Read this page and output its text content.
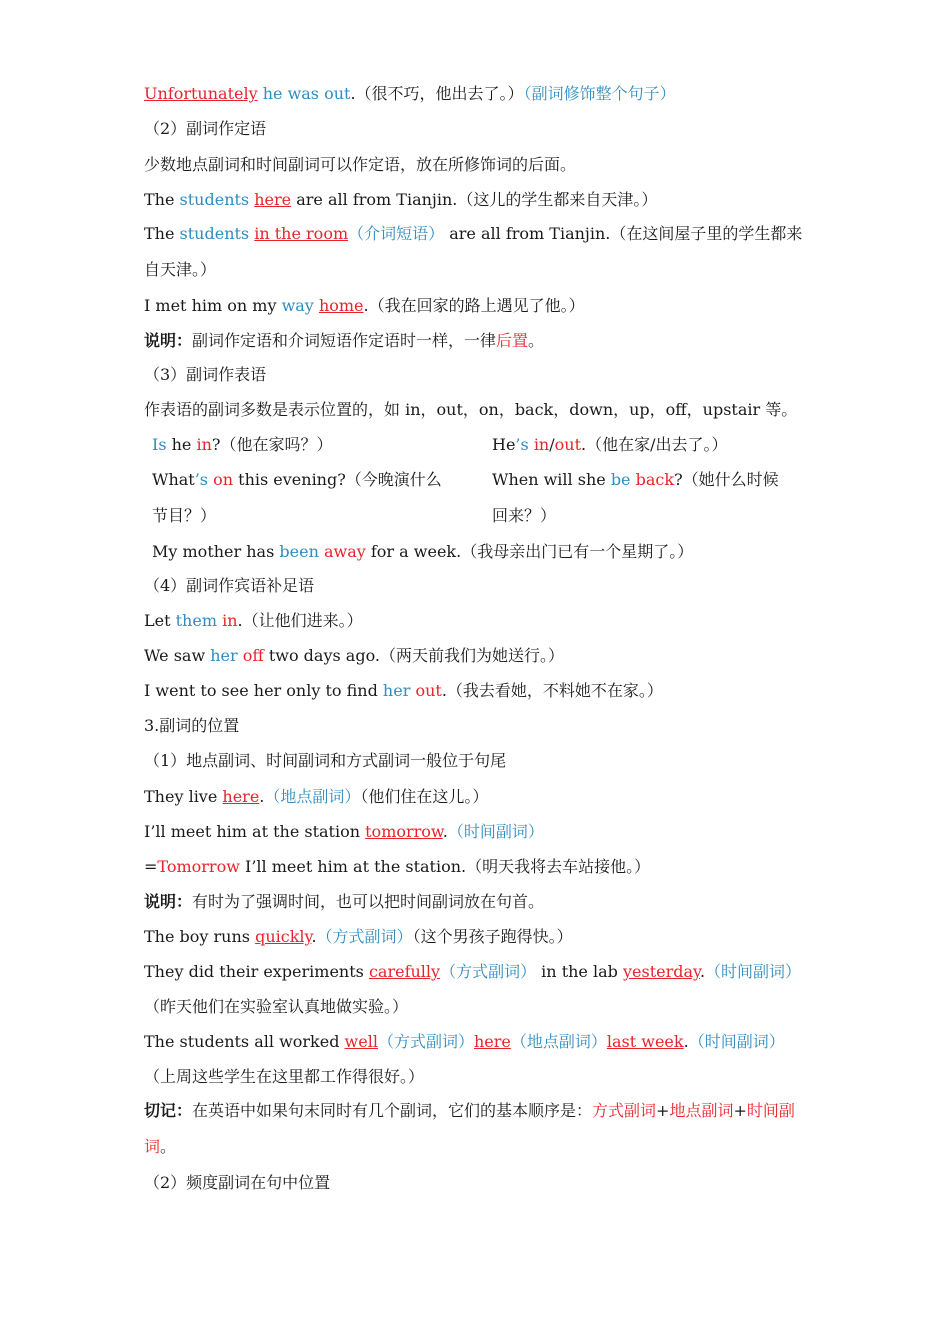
Unfortunately he was out.（很不巧，他出去了。）（副词修饰整个句子）
（2）副词作定语
少数地点副词和时间副词可以作定语，放在所修饰词的后面。
The students here are all from Tianjin.（这儿的学生都来自天津。）
The students in the room（介词短语） are all from Tianjin.（在这间屋子里的学生都来自天津。）
I met him on my way home.（我在回家的路上遇见了他。）
说明：副词作定语和介词短语作定语时一样，一律后置。
（3）副词作表语
作表语的副词多数是表示位置的，如 in，out，on，back，down，up，off，upstair 等。
Is he in?（他在家吗？）	He’s in/out.（他在家/出去了。）
What’s on this evening?（今晚演什么节目？）
When will she be back?（她什么时候回来？）
My mother has been away for a week.（我母亲出门已有一个星期了。）
（4）副词作宾语补足语
Let them in.（让他们进来。）
We saw her off two days ago.（两天前我们为她送行。）
I went to see her only to find her out.（我去看她，不料她不在家。）
3.副词的位置
（1）地点副词、时间副词和方式副词一般位于句尾
They live here.（地点副词）（他们住在这儿。）
I’ll meet him at the station tomorrow.（时间副词）
=Tomorrow I’ll meet him at the station.（明天我将去车站接他。）
说明：有时为了强调时间，也可以把时间副词放在句首。
The boy runs quickly.（方式副词）（这个男孩子跑得快。）
They did their experiments carefully（方式副词） in the lab yesterday.（时间副词）
（昨天他们在实验室认真地做实验。）
The students all worked well（方式副词）here（地点副词）last week.（时间副词）
（上周这些学生在这里都工作得很好。）
切记：在英语中如果句末同时有几个副词，它们的基本顺序是：方式副词+地点副词+时间副词。
（2）频度副词在句中位置
